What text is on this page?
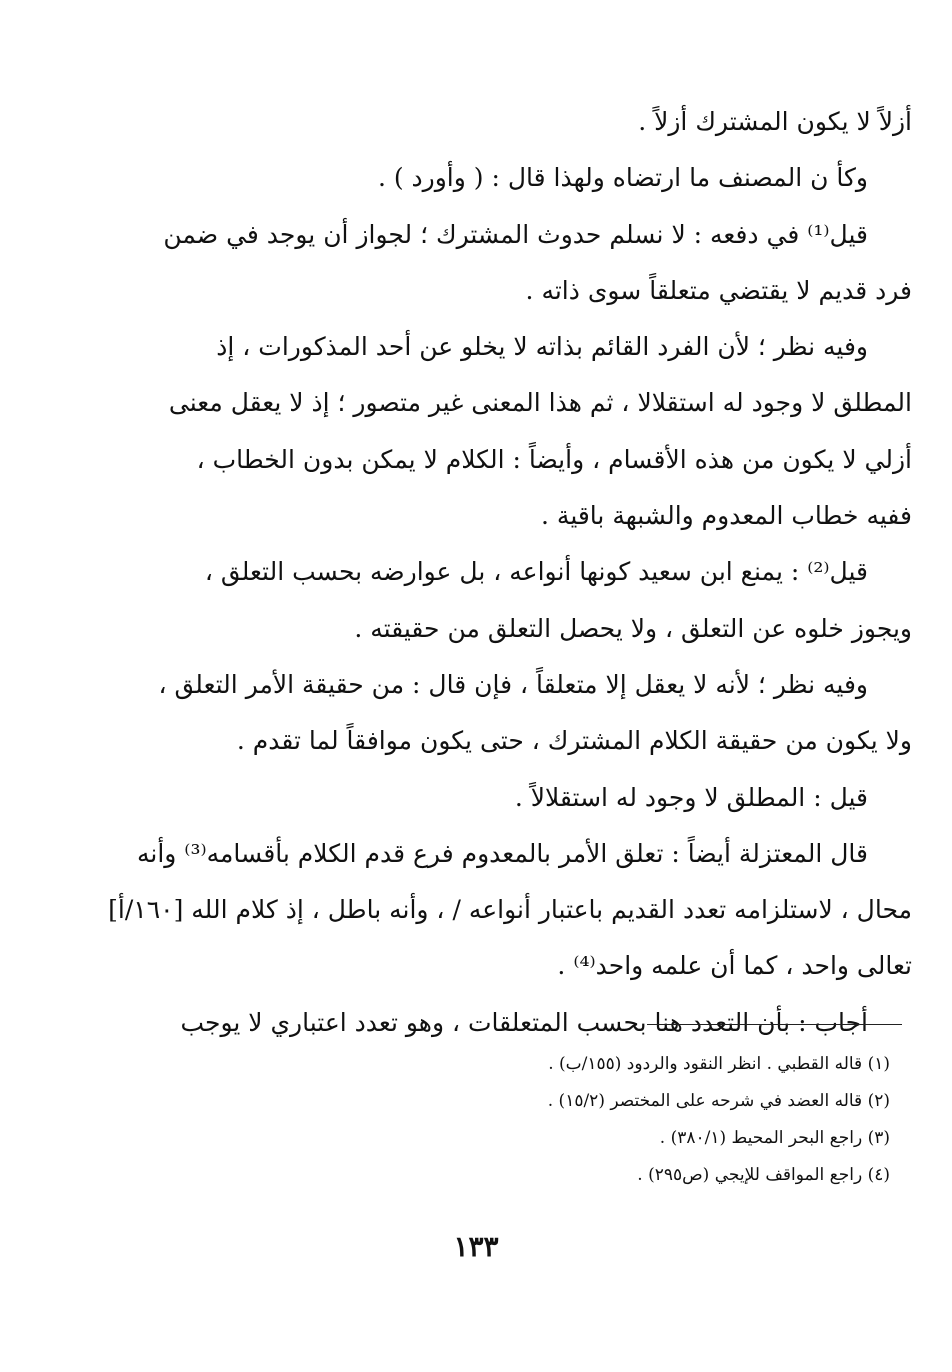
أزلاً لا يكون المشترك أزلاً .
وكأ ن المصنف ما ارتضاه ولهذا قال : ( وأورد ) .
قيل⁽¹⁾ في دفعه : لا نسلم حدوث المشترك ؛ لجواز أن يوجد في ضمن
فرد قديم لا يقتضي متعلقاً سوى ذاته .
وفيه نظر ؛ لأن الفرد القائم بذاته لا يخلو عن أحد المذكورات ، إذ
المطلق لا وجود له استقلالا ، ثم هذا المعنى غير متصور ؛ إذ لا يعقل معنى
أزلي لا يكون من هذه الأقسام ، وأيضاً : الكلام لا يمكن بدون الخطاب ،
ففيه خطاب المعدوم والشبهة باقية .
قيل⁽²⁾ : يمنع ابن سعيد كونها أنواعه ، بل عوارضه بحسب التعلق ،
ويجوز خلوه عن التعلق ، ولا يحصل التعلق من حقيقته .
وفيه نظر ؛ لأنه لا يعقل إلا متعلقاً ، فإن قال : من حقيقة الأمر التعلق ،
ولا يكون من حقيقة الكلام المشترك ، حتى يكون موافقاً لما تقدم .
قيل : المطلق لا وجود له استقلالاً .
قال المعتزلة أيضاً : تعلق الأمر بالمعدوم فرع قدم الكلام بأقسامه⁽³⁾ وأنه
محال ، لاستلزامه تعدد القديم باعتبار أنواعه / ، وأنه باطل ، إذ كلام الله [١٦٠/أ]
تعالى واحد ، كما أن علمه واحد⁽⁴⁾ .
أجاب : بأن التعدد هنا بحسب المتعلقات ، وهو تعدد اعتباري لا يوجب
(١) قاله القطبي . انظر النقود والردود (١٥٥/ب) .
(٢) قاله العضد في شرحه على المختصر (١٥/٢) .
(٣) راجع البحر المحيط (٣٨٠/١) .
(٤) راجع المواقف للإيجي (ص٢٩٥) .
١٣٣
